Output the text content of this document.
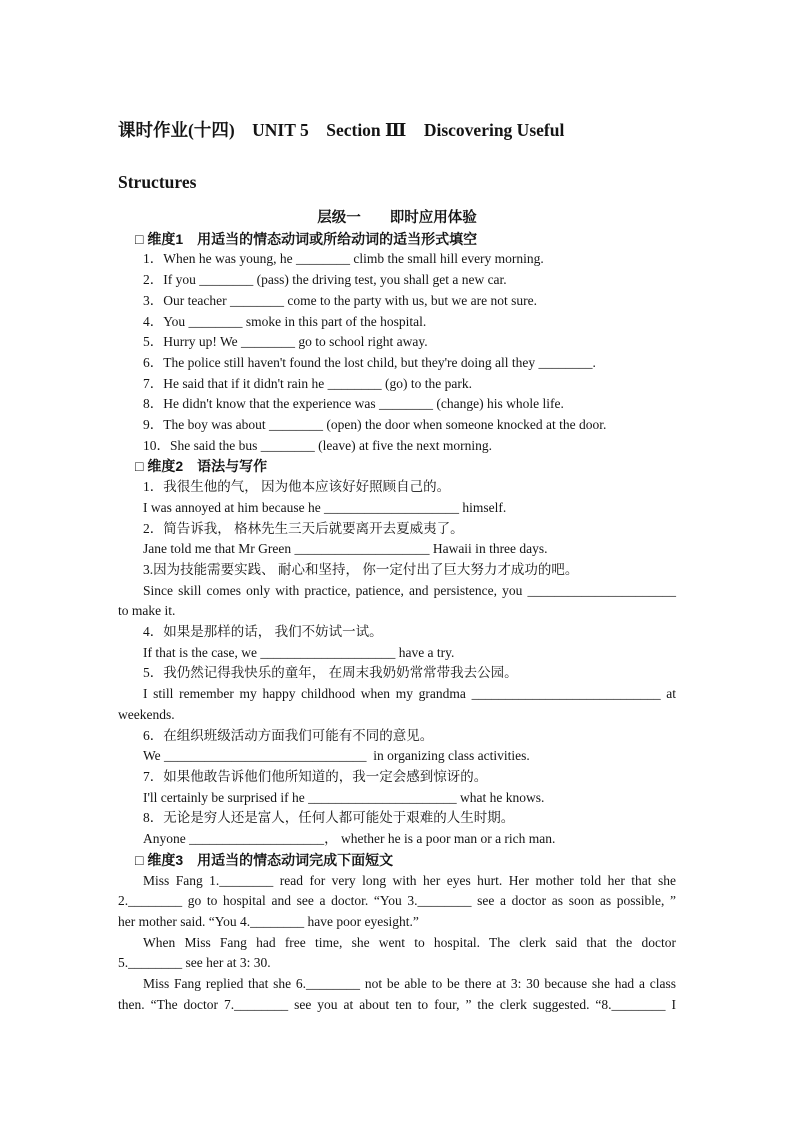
课时作业(十四)　UNIT 5　Section Ⅲ　Discovering Useful
Structures
层级一　　即时应用体验
□ 维度1　用适当的情态动词或所给动词的适当形式填空
1．When he was young, he ________ climb the small hill every morning.
2．If you ________ (pass) the driving test, you shall get a new car.
3．Our teacher ________ come to the party with us, but we are not sure.
4．You ________ smoke in this part of the hospital.
5．Hurry up! We ________ go to school right away.
6．The police still haven't found the lost child, but they're doing all they ________.
7．He said that if it didn't rain he ________ (go) to the park.
8．He didn't know that the experience was ________ (change) his whole life.
9．The boy was about ________ (open) the door when someone knocked at the door.
10．She said the bus ________ (leave) at five the next morning.
□ 维度2　语法与写作
1．我很生他的气， 因为他本应该好好照顾自己的。
I was annoyed at him because he ____________________ himself.
2．简告诉我， 格林先生三天后就要离开去夏威夷了。
Jane told me that Mr Green ____________________ Hawaii in three days.
3.因为技能需要实践、 耐心和坚持， 你一定付出了巨大努力才成功的吧。
Since skill comes only with practice, patience, and persistence, you ______________________
to make it.
4．如果是那样的话， 我们不妨试一试。
If that is the case, we ____________________ have a try.
5．我仍然记得我快乐的童年， 在周末我奶奶常常带我去公园。
I still remember my happy childhood when my grandma ____________________________ at
weekends.
6．在组织班级活动方面我们可能有不同的意见。
We ______________________________  in organizing class activities.
7．如果他敢告诉他们他所知道的，我一定会感到惊讶的。
I'll certainly be surprised if he ______________________ what he knows.
8．无论是穷人还是富人，任何人都可能处于艰难的人生时期。
Anyone ____________________， whether he is a poor man or a rich man.
□ 维度3　用适当的情态动词完成下面短文
Miss Fang 1.________ read for very long with her eyes hurt. Her mother told her that she
2.________ go to hospital and see a doctor. “You 3.________ see a doctor as soon as possible, ”
her mother said. “You 4.________ have poor eyesight.”
When Miss Fang had free time, she went to hospital. The clerk said that the doctor
5.________ see her at 3: 30.
Miss Fang replied that she 6.________ not be able to be there at 3: 30 because she had a class
then. “The doctor 7.________ see you at about ten to four, ” the clerk suggested. “8.________ I
